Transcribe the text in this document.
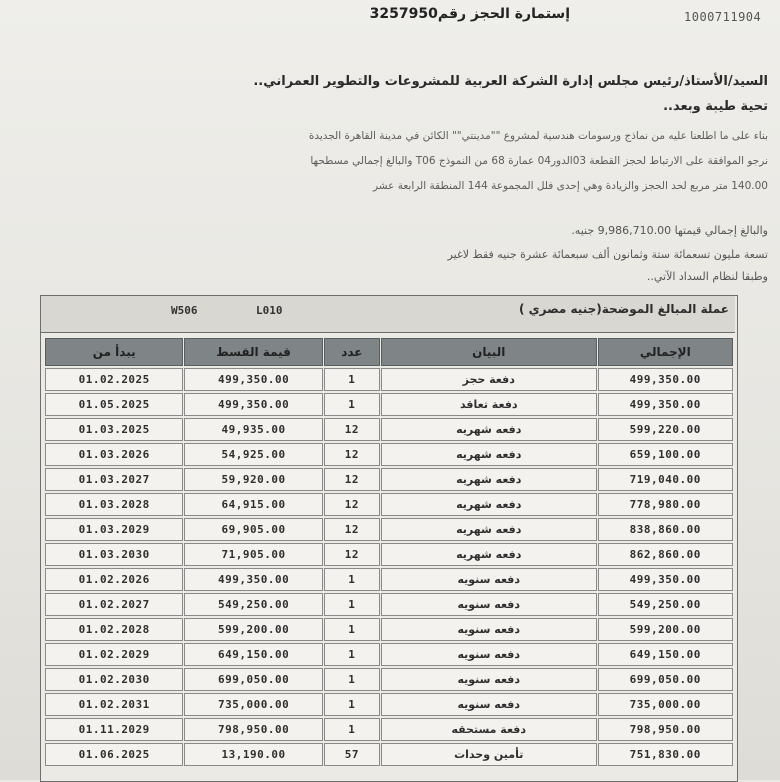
1000711904
إستمارة الحجز رقم3257950
السيد/الأستاذ/رئيس مجلس إدارة الشركة العربية للمشروعات والتطوير العمراني..
تحية طيبة وبعد..

بناء على ما اطلعنا عليه من نماذج ورسومات هندسية لمشروع ""مدينتي"" الكائن في مدينة القاهرة الجديدة

نرجو الموافقة على الارتباط لحجز القطعة 03الدور04 عمارة 68 من النموذج T06 والبالغ إجمالي مسطحها

140.00 متر مربع لحد الحجز والزيادة وهي إحدى فلل المجموعة 144 المنطقة الرابعة عشر

والبالغ إجمالي قيمتها 9,986,710.00 جنيه.
تسعة مليون تسعمائة ستة وثمانون ألف سبعمائة عشرة جنيه فقط لاغير
وطبقا لنظام السداد الآتي..
W506	L010	عملة المبالغ الموضحة(جنيه مصري )
يبدأ من	قيمة القسط	عدد	البيان	الإجمالي
01.02.2025	499,350.00	1	دفعة حجز	499,350.00
01.05.2025	499,350.00	1	دفعة تعاقد	499,350.00
01.03.2025	49,935.00	12	دفعه شهريه	599,220.00
01.03.2026	54,925.00	12	دفعه شهريه	659,100.00
01.03.2027	59,920.00	12	دفعه شهريه	719,040.00
01.03.2028	64,915.00	12	دفعه شهريه	778,980.00
01.03.2029	69,905.00	12	دفعه شهريه	838,860.00
01.03.2030	71,905.00	12	دفعه شهريه	862,860.00
01.02.2026	499,350.00	1	دفعه سنويه	499,350.00
01.02.2027	549,250.00	1	دفعه سنويه	549,250.00
01.02.2028	599,200.00	1	دفعه سنويه	599,200.00
01.02.2029	649,150.00	1	دفعه سنويه	649,150.00
01.02.2030	699,050.00	1	دفعه سنويه	699,050.00
01.02.2031	735,000.00	1	دفعه سنويه	735,000.00
01.11.2029	798,950.00	1	دفعة مستحقه	798,950.00
01.06.2025	13,190.00	57	تأمين وحدات	751,830.00
